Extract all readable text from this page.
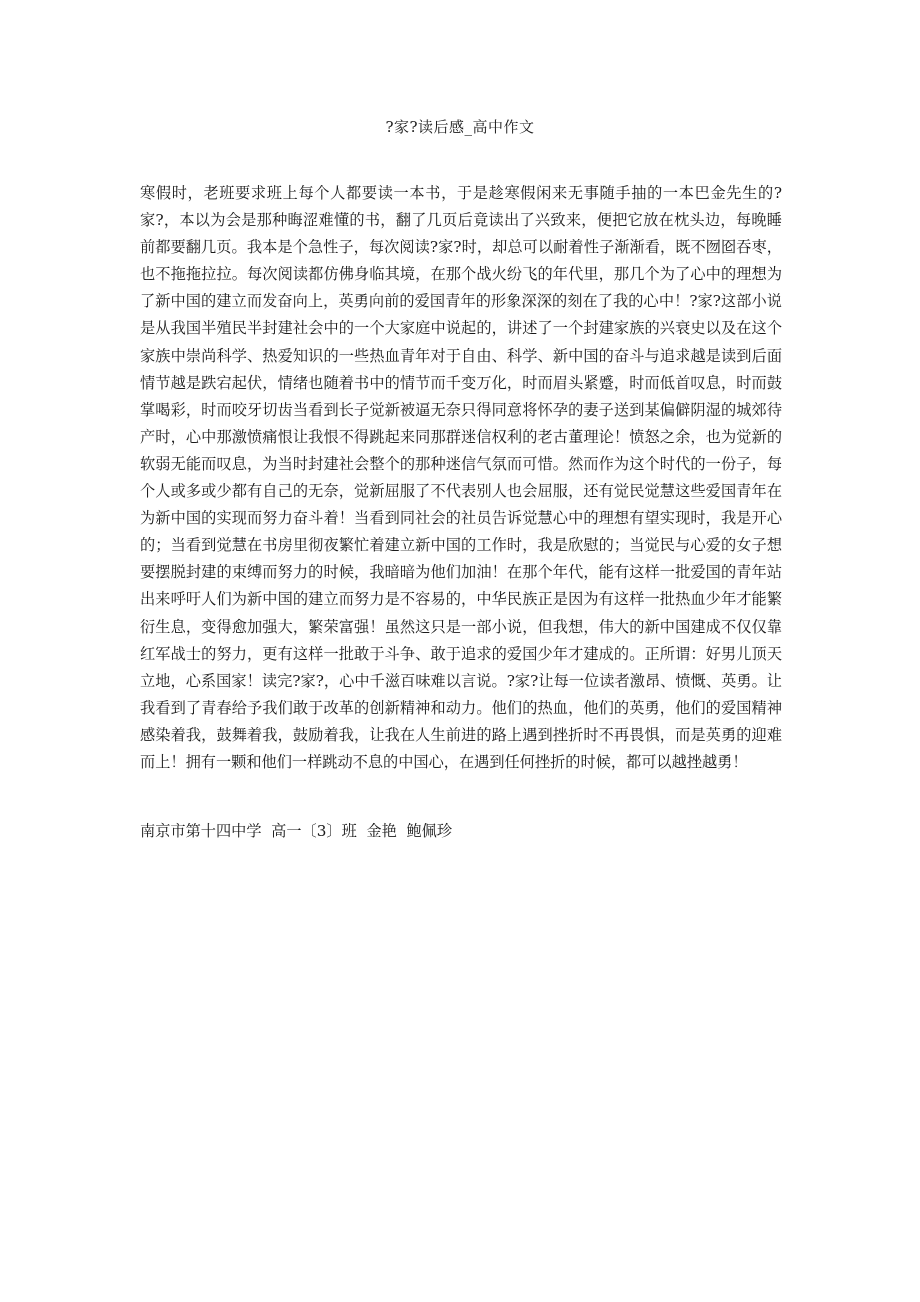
?家?读后感_高中作文

寒假时，老班要求班上每个人都要读一本书，于是趁寒假闲来无事随手抽的一本巴金先生的?家?，本以为会是那种晦涩难懂的书，翻了几页后竟读出了兴致来，便把它放在枕头边，每晚睡前都要翻几页。我本是个急性子，每次阅读?家?时，却总可以耐着性子渐渐看，既不囫囵吞枣，也不拖拖拉拉。每次阅读都仿佛身临其境，在那个战火纷飞的年代里，那几个为了心中的理想为了新中国的建立而发奋向上，英勇向前的爱国青年的形象深深的刻在了我的心中！?家?这部小说是从我国半殖民半封建社会中的一个大家庭中说起的，讲述了一个封建家族的兴衰史以及在这个家族中崇尚科学、热爱知识的一些热血青年对于自由、科学、新中国的奋斗与追求越是读到后面情节越是跌宕起伏，情绪也随着书中的情节而千变万化，时而眉头紧蹙，时而低首叹息，时而鼓掌喝彩，时而咬牙切齿当看到长子觉新被逼无奈只得同意将怀孕的妻子送到某偏僻阴湿的城郊待产时，心中那激愤痛恨让我恨不得跳起来同那群迷信权利的老古董理论！愤怒之余，也为觉新的软弱无能而叹息，为当时封建社会整个的那种迷信气氛而可惜。然而作为这个时代的一份子，每个人或多或少都有自己的无奈，觉新屈服了不代表别人也会屈服，还有觉民觉慧这些爱国青年在为新中国的实现而努力奋斗着！当看到同社会的社员告诉觉慧心中的理想有望实现时，我是开心的；当看到觉慧在书房里彻夜繁忙着建立新中国的工作时，我是欣慰的；当觉民与心爱的女子想要摆脱封建的束缚而努力的时候，我暗暗为他们加油！在那个年代，能有这样一批爱国的青年站出来呼吁人们为新中国的建立而努力是不容易的，中华民族正是因为有这样一批热血少年才能繁衍生息，变得愈加强大，繁荣富强！虽然这只是一部小说，但我想，伟大的新中国建成不仅仅靠红军战士的努力，更有这样一批敢于斗争、敢于追求的爱国少年才建成的。正所谓：好男儿顶天立地，心系国家！读完?家?，心中千滋百味难以言说。?家?让每一位读者激昂、愤慨、英勇。让我看到了青春给予我们敢于改革的创新精神和动力。他们的热血，他们的英勇，他们的爱国精神感染着我，鼓舞着我，鼓励着我，让我在人生前进的路上遇到挫折时不再畏惧，而是英勇的迎难而上！拥有一颗和他们一样跳动不息的中国心，在遇到任何挫折的时候，都可以越挫越勇！

南京市第十四中学  高一〔3〕班  金艳  鲍佩珍
